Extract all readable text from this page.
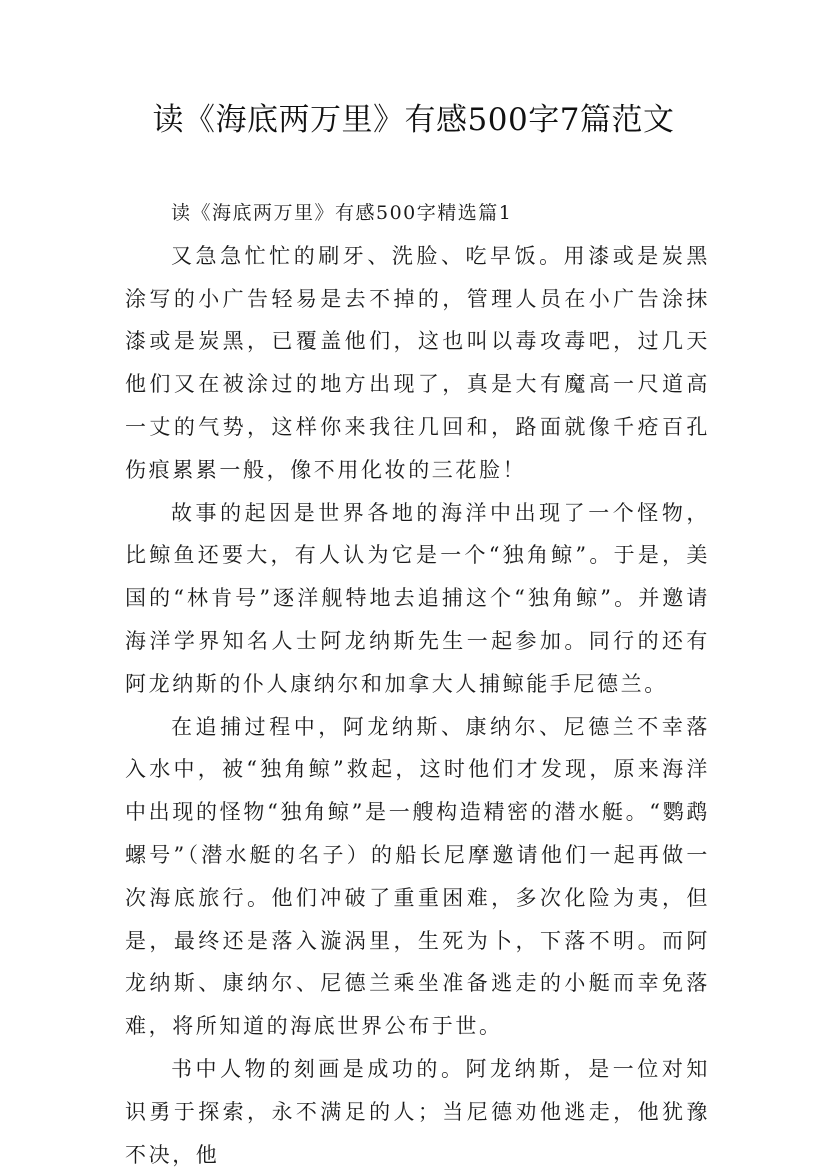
读《海底两万里》有感500字7篇范文

读《海底两万里》有感500字精选篇1

又急急忙忙的刷牙、洗脸、吃早饭。用漆或是炭黑涂写的小广告轻易是去不掉的，管理人员在小广告涂抹漆或是炭黑，已覆盖他们，这也叫以毒攻毒吧，过几天他们又在被涂过的地方出现了，真是大有魔高一尺道高一丈的气势，这样你来我往几回和，路面就像千疮百孔伤痕累累一般，像不用化妆的三花脸！

故事的起因是世界各地的海洋中出现了一个怪物，比鲸鱼还要大，有人认为它是一个“独角鲸”。于是，美国的“林肯号”逐洋舰特地去追捕这个“独角鲸”。并邀请海洋学界知名人士阿龙纳斯先生一起参加。同行的还有阿龙纳斯的仆人康纳尔和加拿大人捕鲸能手尼德兰。

在追捕过程中，阿龙纳斯、康纳尔、尼德兰不幸落入水中，被“独角鲸”救起，这时他们才发现，原来海洋中出现的怪物“独角鲸”是一艘构造精密的潜水艇。“鹦鹉螺号”（潜水艇的名子）的船长尼摩邀请他们一起再做一次海底旅行。他们冲破了重重困难，多次化险为夷，但是，最终还是落入漩涡里，生死为卜，下落不明。而阿龙纳斯、康纳尔、尼德兰乘坐准备逃走的小艇而幸免落难，将所知道的海底世界公布于世。

书中人物的刻画是成功的。阿龙纳斯，是一位对知识勇于探索，永不满足的人；当尼德劝他逃走，他犹豫不决，他
